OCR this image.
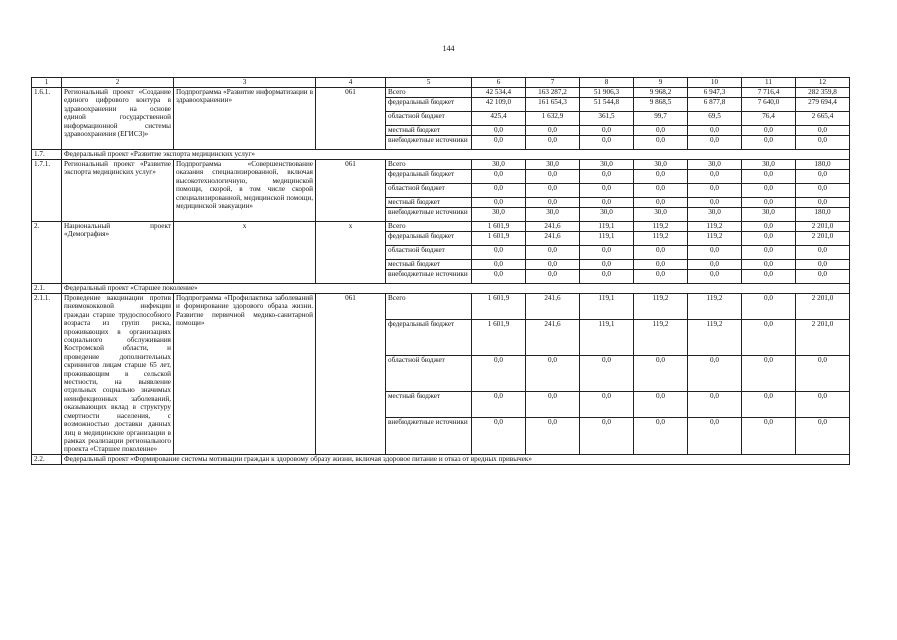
144
1	2	3	4	5	6	7	8	9	10	11	12
1.6.1.	Региональный проект «Создание единого цифрового контура в здравоохранении на основе единой государственной информационной системы здравоохранения (ЕГИСЗ)»	Подпрограмма «Развитие информатизации в здравоохранении»	061	Всего	42 534,4	163 287,2	51 906,3	9 968,2	6 947,3	7 716,4	282 359,8
				федеральный бюджет	42 109,0	161 654,3	51 544,8	9 868,5	6 877,8	7 640,0	279 694,4
				областной бюджет	425,4	1 632,9	361,5	99,7	69,5	76,4	2 665,4
				местный бюджет	0,0	0,0	0,0	0,0	0,0	0,0	0,0
				внебюджетные источники	0,0	0,0	0,0	0,0	0,0	0,0	0,0
1.7.	Федеральный проект «Развитие экспорта медицинских услуг»										
1.7.1.	Региональный проект «Развитие экспорта медицинских услуг»	Подпрограмма «Совершенствование оказания специализированной, включая высокотехнологичную, медицинской помощи, скорой, в том числе скорой специализированной, медицинской помощи, медицинской эвакуации»	061	Всего	30,0	30,0	30,0	30,0	30,0	30,0	180,0
				федеральный бюджет	0,0	0,0	0,0	0,0	0,0	0,0	0,0
				областной бюджет	0,0	0,0	0,0	0,0	0,0	0,0	0,0
				местный бюджет	0,0	0,0	0,0	0,0	0,0	0,0	0,0
				внебюджетные источники	30,0	30,0	30,0	30,0	30,0	30,0	180,0
2.	Национальный проект «Демография»	x	x	Всего	1 601,9	241,6	119,1	119,2	119,2	0,0	2 201,0
				федеральный бюджет	1 601,9	241,6	119,1	119,2	119,2	0,0	2 201,0
				областной бюджет	0,0	0,0	0,0	0,0	0,0	0,0	0,0
				местный бюджет	0,0	0,0	0,0	0,0	0,0	0,0	0,0
				внебюджетные источники	0,0	0,0	0,0	0,0	0,0	0,0	0,0
2.1.	Федеральный проект «Старшее поколение»										
2.1.1.	Проведение вакцинации против пневмококковой инфекции граждан старше трудоспособного возраста из групп риска, проживающих в организациях социального обслуживания Костромской области, и проведение дополнительных скринингов лицам старше 65 лет, проживающим в сельской местности, на выявление отдельных социально значимых неинфекционных заболеваний, оказывающих вклад в структуру смертности населения, с возможностью доставки данных лиц в медицинские организации в рамках реализации регионального проекта «Старшее поколение»	Подпрограмма «Профилактика заболеваний и формирование здорового образа жизни. Развитие первичной медико-санитарной помощи»	061	Всего	1 601,9	241,6	119,1	119,2	119,2	0,0	2 201,0
				федеральный бюджет	1 601,9	241,6	119,1	119,2	119,2	0,0	2 201,0
				областной бюджет	0,0	0,0	0,0	0,0	0,0	0,0	0,0
				местный бюджет	0,0	0,0	0,0	0,0	0,0	0,0	0,0
				внебюджетные источники	0,0	0,0	0,0	0,0	0,0	0,0	0,0
2.2.	Федеральный проект «Формирование системы мотивации граждан к здоровому образу жизни, включая здоровое питание и отказ от вредных привычек»										
